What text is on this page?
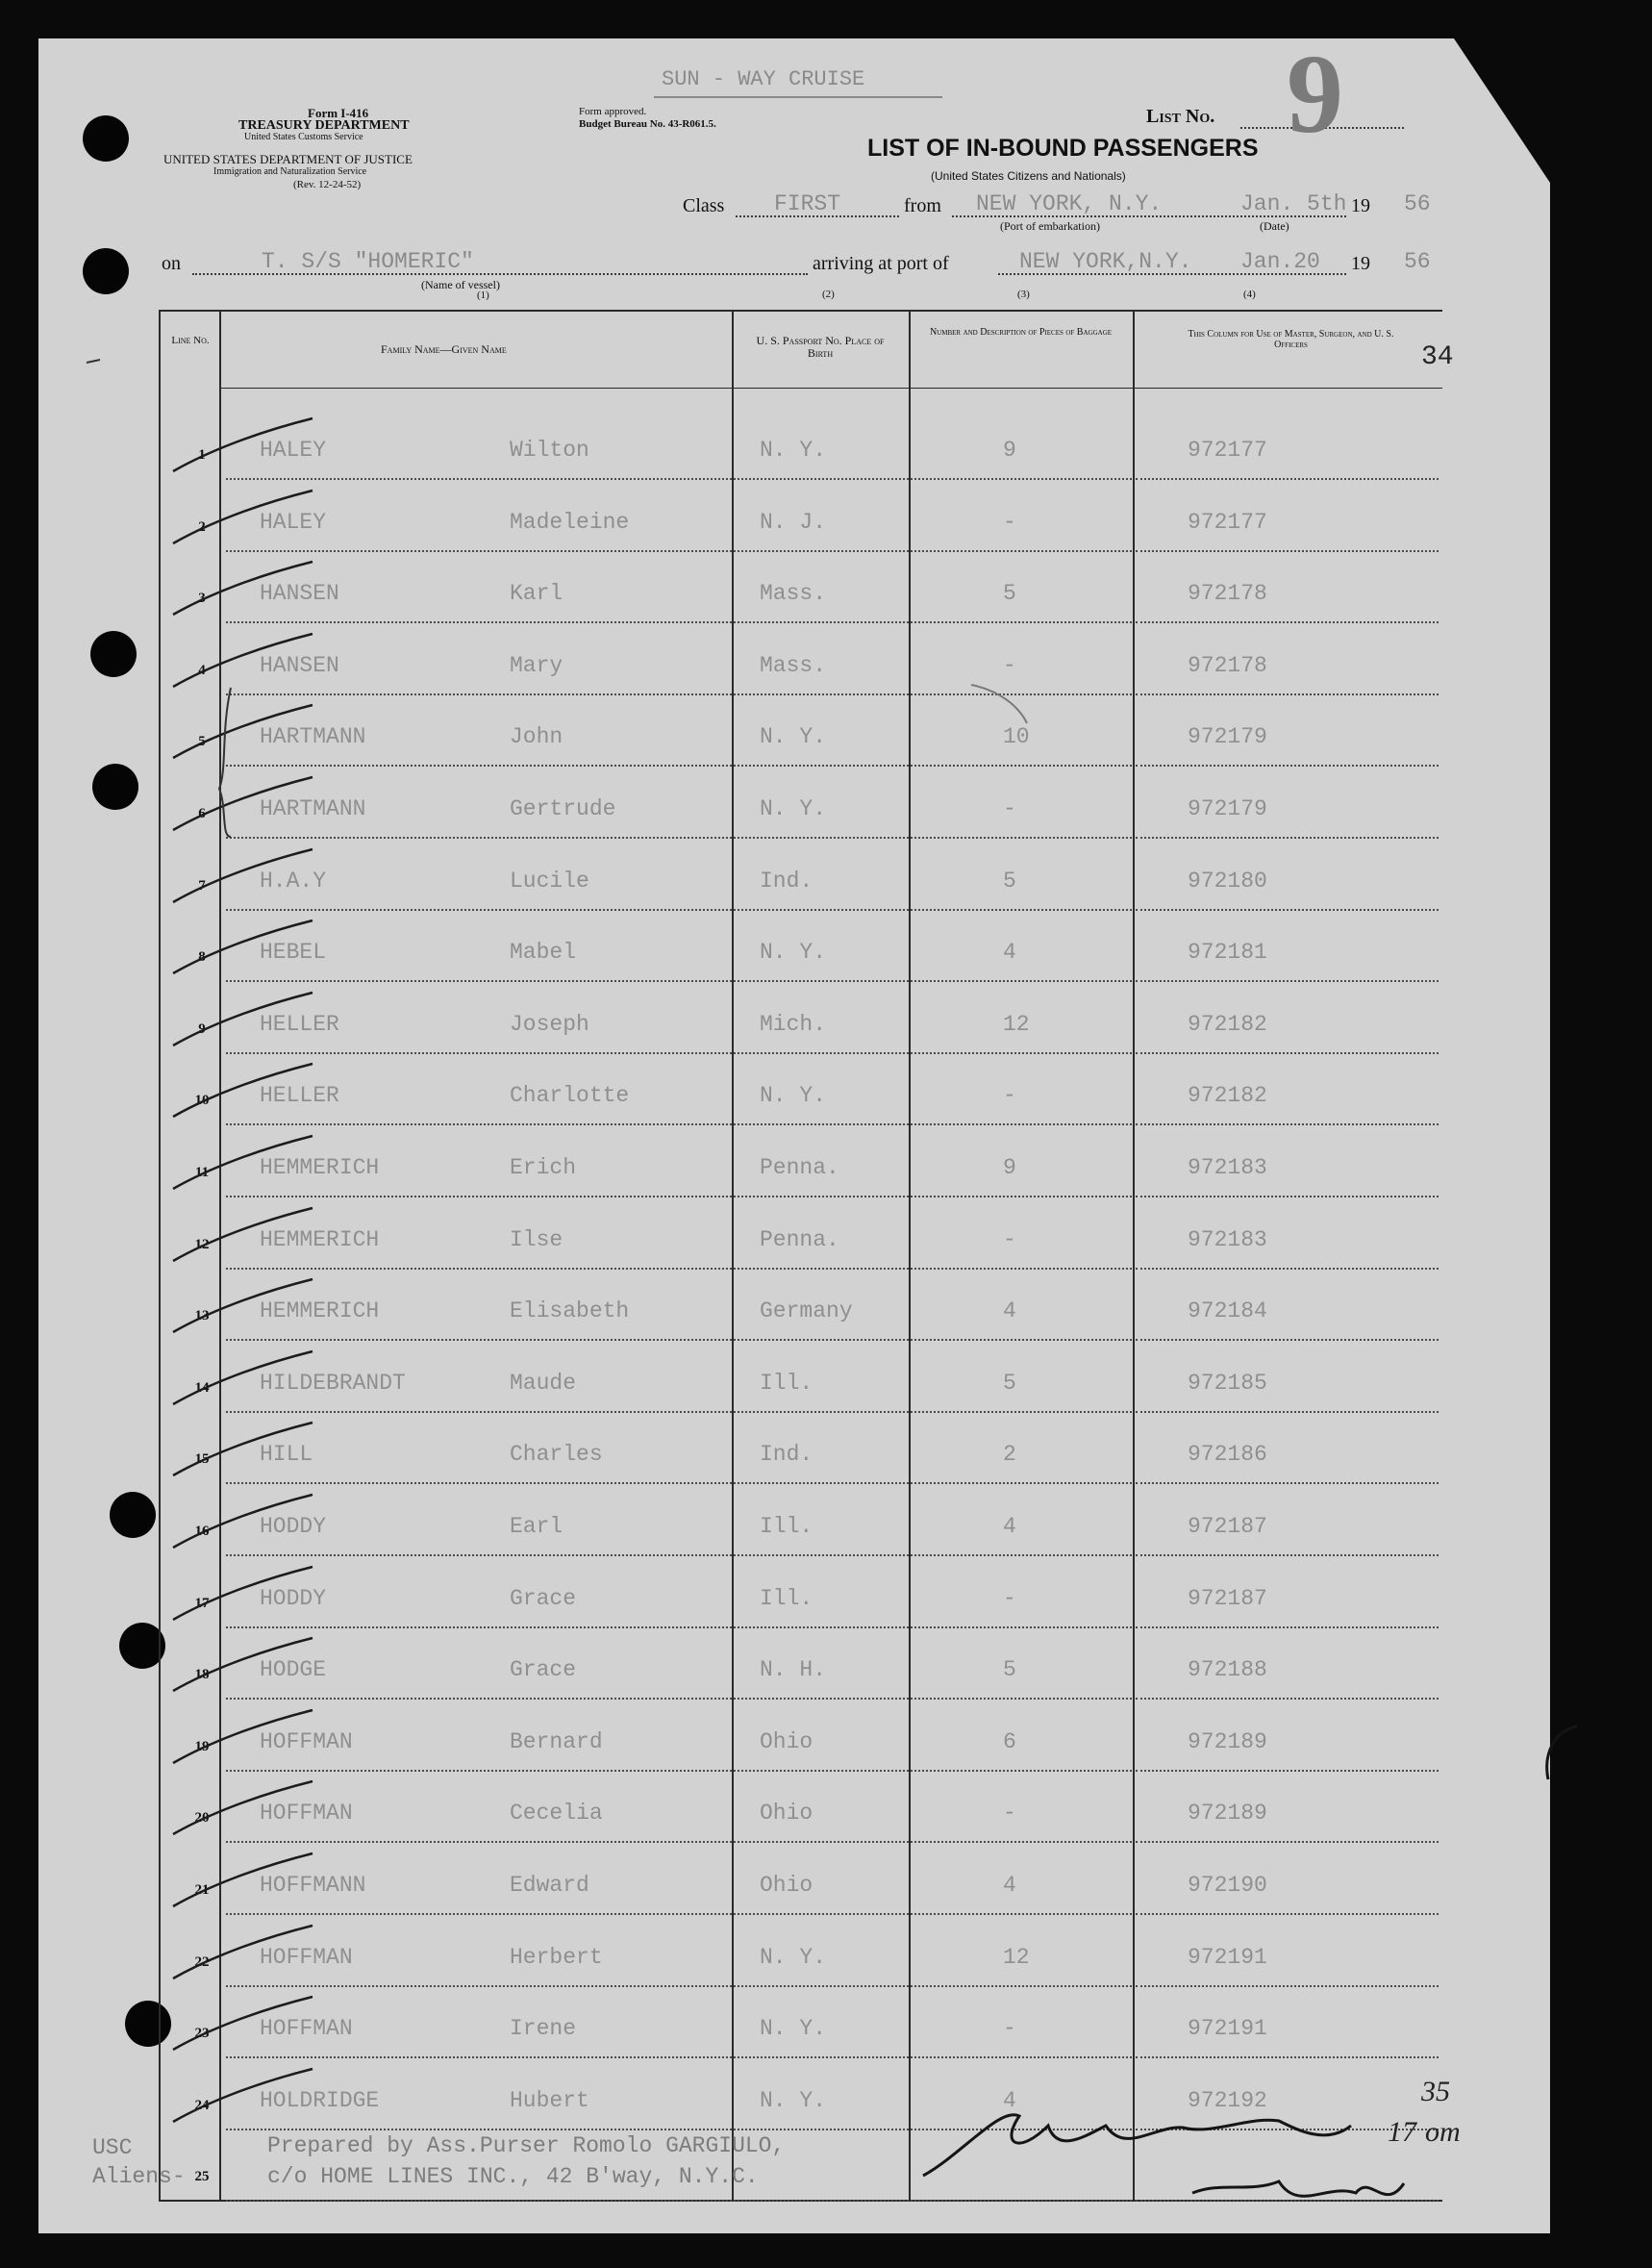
SUN - WAY CRUISE
Form I-416
TREASURY DEPARTMENT
United States Customs Service
UNITED STATES DEPARTMENT OF JUSTICE
Immigration and Naturalization Service
(Rev. 12-24-52)
Form approved.
Budget Bureau No. 43-R061.5.	List No. 9
LIST OF IN-BOUND PASSENGERS
(United States Citizens and Nationals)
Class FIRST	from NEW YORK, N.Y.	Jan. 5th 19 56
(Port of embarkation)	(Date)
on	T. S/S "HOMERIC"
(Name of vessel)
(1)
arriving at port of	NEW YORK,N.Y. Jan.20 19 56
(2)	(3)	(4)
Line No.
Family Name—Given Name
U. S. Passport No. Place of Birth
Number and Description of Pieces of Baggage	This Column for Use of Master, Surgeon, and U. S. Officers	34
1	HALEY	Wilton	N. Y.	9	972177
2	HALEY	Madeleine	N. J.	-	972177
3	HANSEN	Karl	Mass.	5	972178
4	HANSEN	Mary	Mass.	-	972178
5	HARTMANN	John	N. Y.	10	972179
6	HARTMANN	Gertrude	N. Y.	-	972179
7	H.A.Y	Lucile	Ind.	5	972180
8	HEBEL	Mabel	N. Y.	4	972181
9	HELLER	Joseph	Mich.	12	972182
10	HELLER	Charlotte	N. Y.	-	972182
11	HEMMERICH	Erich	Penna.	9	972183
12	HEMMERICH	Ilse	Penna.	-	972183
13	HEMMERICH	Elisabeth	Germany	4	972184
14	HILDEBRANDT	Maude	Ill.	5	972185
15	HILL	Charles	Ind.	2	972186
16	HODDY	Earl	Ill.	4	972187
17	HODDY	Grace	Ill.	-	972187
18	HODGE	Grace	N. H.	5	972188
19	HOFFMAN	Bernard	Ohio	6	972189
20	HOFFMAN	Cecelia	Ohio	-	972189
21	HOFFMANN	Edward	Ohio	4	972190
22	HOFFMAN	Herbert	N. Y.	12	972191
23	HOFFMAN	Irene	N. Y.	-	972191
24	HOLDRIDGE	Hubert	N. Y.	4	972192
25
Prepared by Ass.Purser Romolo GARGIULO,
c/o HOME LINES INC., 42 B'way, N.Y.C.
USC
Aliens-
35
17 om
